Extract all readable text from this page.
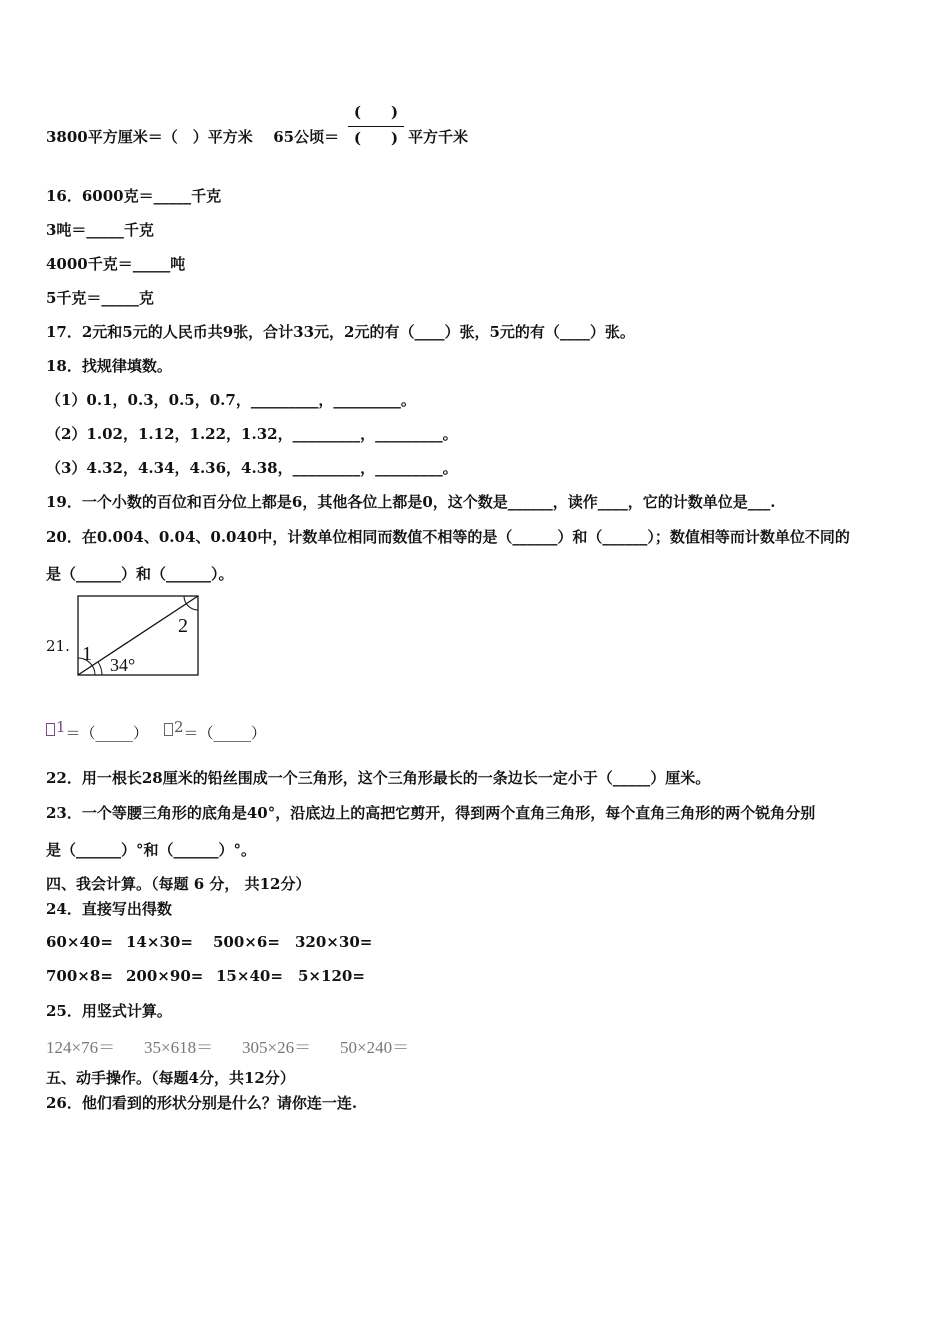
3800平方厘米＝（　）平方米 65公顷＝
(　　)
(　　) 平方千米
16．6000克＝_____千克
3吨＝_____千克
4000千克＝_____吨
5千克＝_____克
17．2元和5元的人民币共9张，合计33元，2元的有（____）张，5元的有（____）张。
18．找规律填数。
（1）0.1，0.3，0.5，0.7，_________，_________。
（2）1.02，1.12，1.22，1.32，_________，_________。
（3）4.32，4.34，4.36，4.38，_________，_________。
19．一个小数的百位和百分位上都是6，其他各位上都是0，这个数是______，读作____，它的计数单位是___.
20．在0.004、0.04、0.040中，计数单位相同而数值不相等的是（______）和（______）；数值相等而计数单位不同的
是（______）和（______）。
21. 1
2
34°
1＝（_____）	2＝（_____）
22．用一根长28厘米的铅丝围成一个三角形，这个三角形最长的一条边长一定小于（_____）厘米。
23．一个等腰三角形的底角是40°，沿底边上的高把它剪开，得到两个直角三角形，每个直角三角形的两个锐角分别
是（______）°和（______）°。
四、我会计算。（每题 6 分， 共12分）
24．直接写出得数
60×40= 14×30= 500×6= 320×30=
700×8= 200×90= 15×40= 5×120=
25．用竖式计算。
124×76＝ 35×618＝ 305×26＝ 50×240＝
五、动手操作。（每题4分，共12分）
26．他们看到的形状分别是什么？请你连一连.
